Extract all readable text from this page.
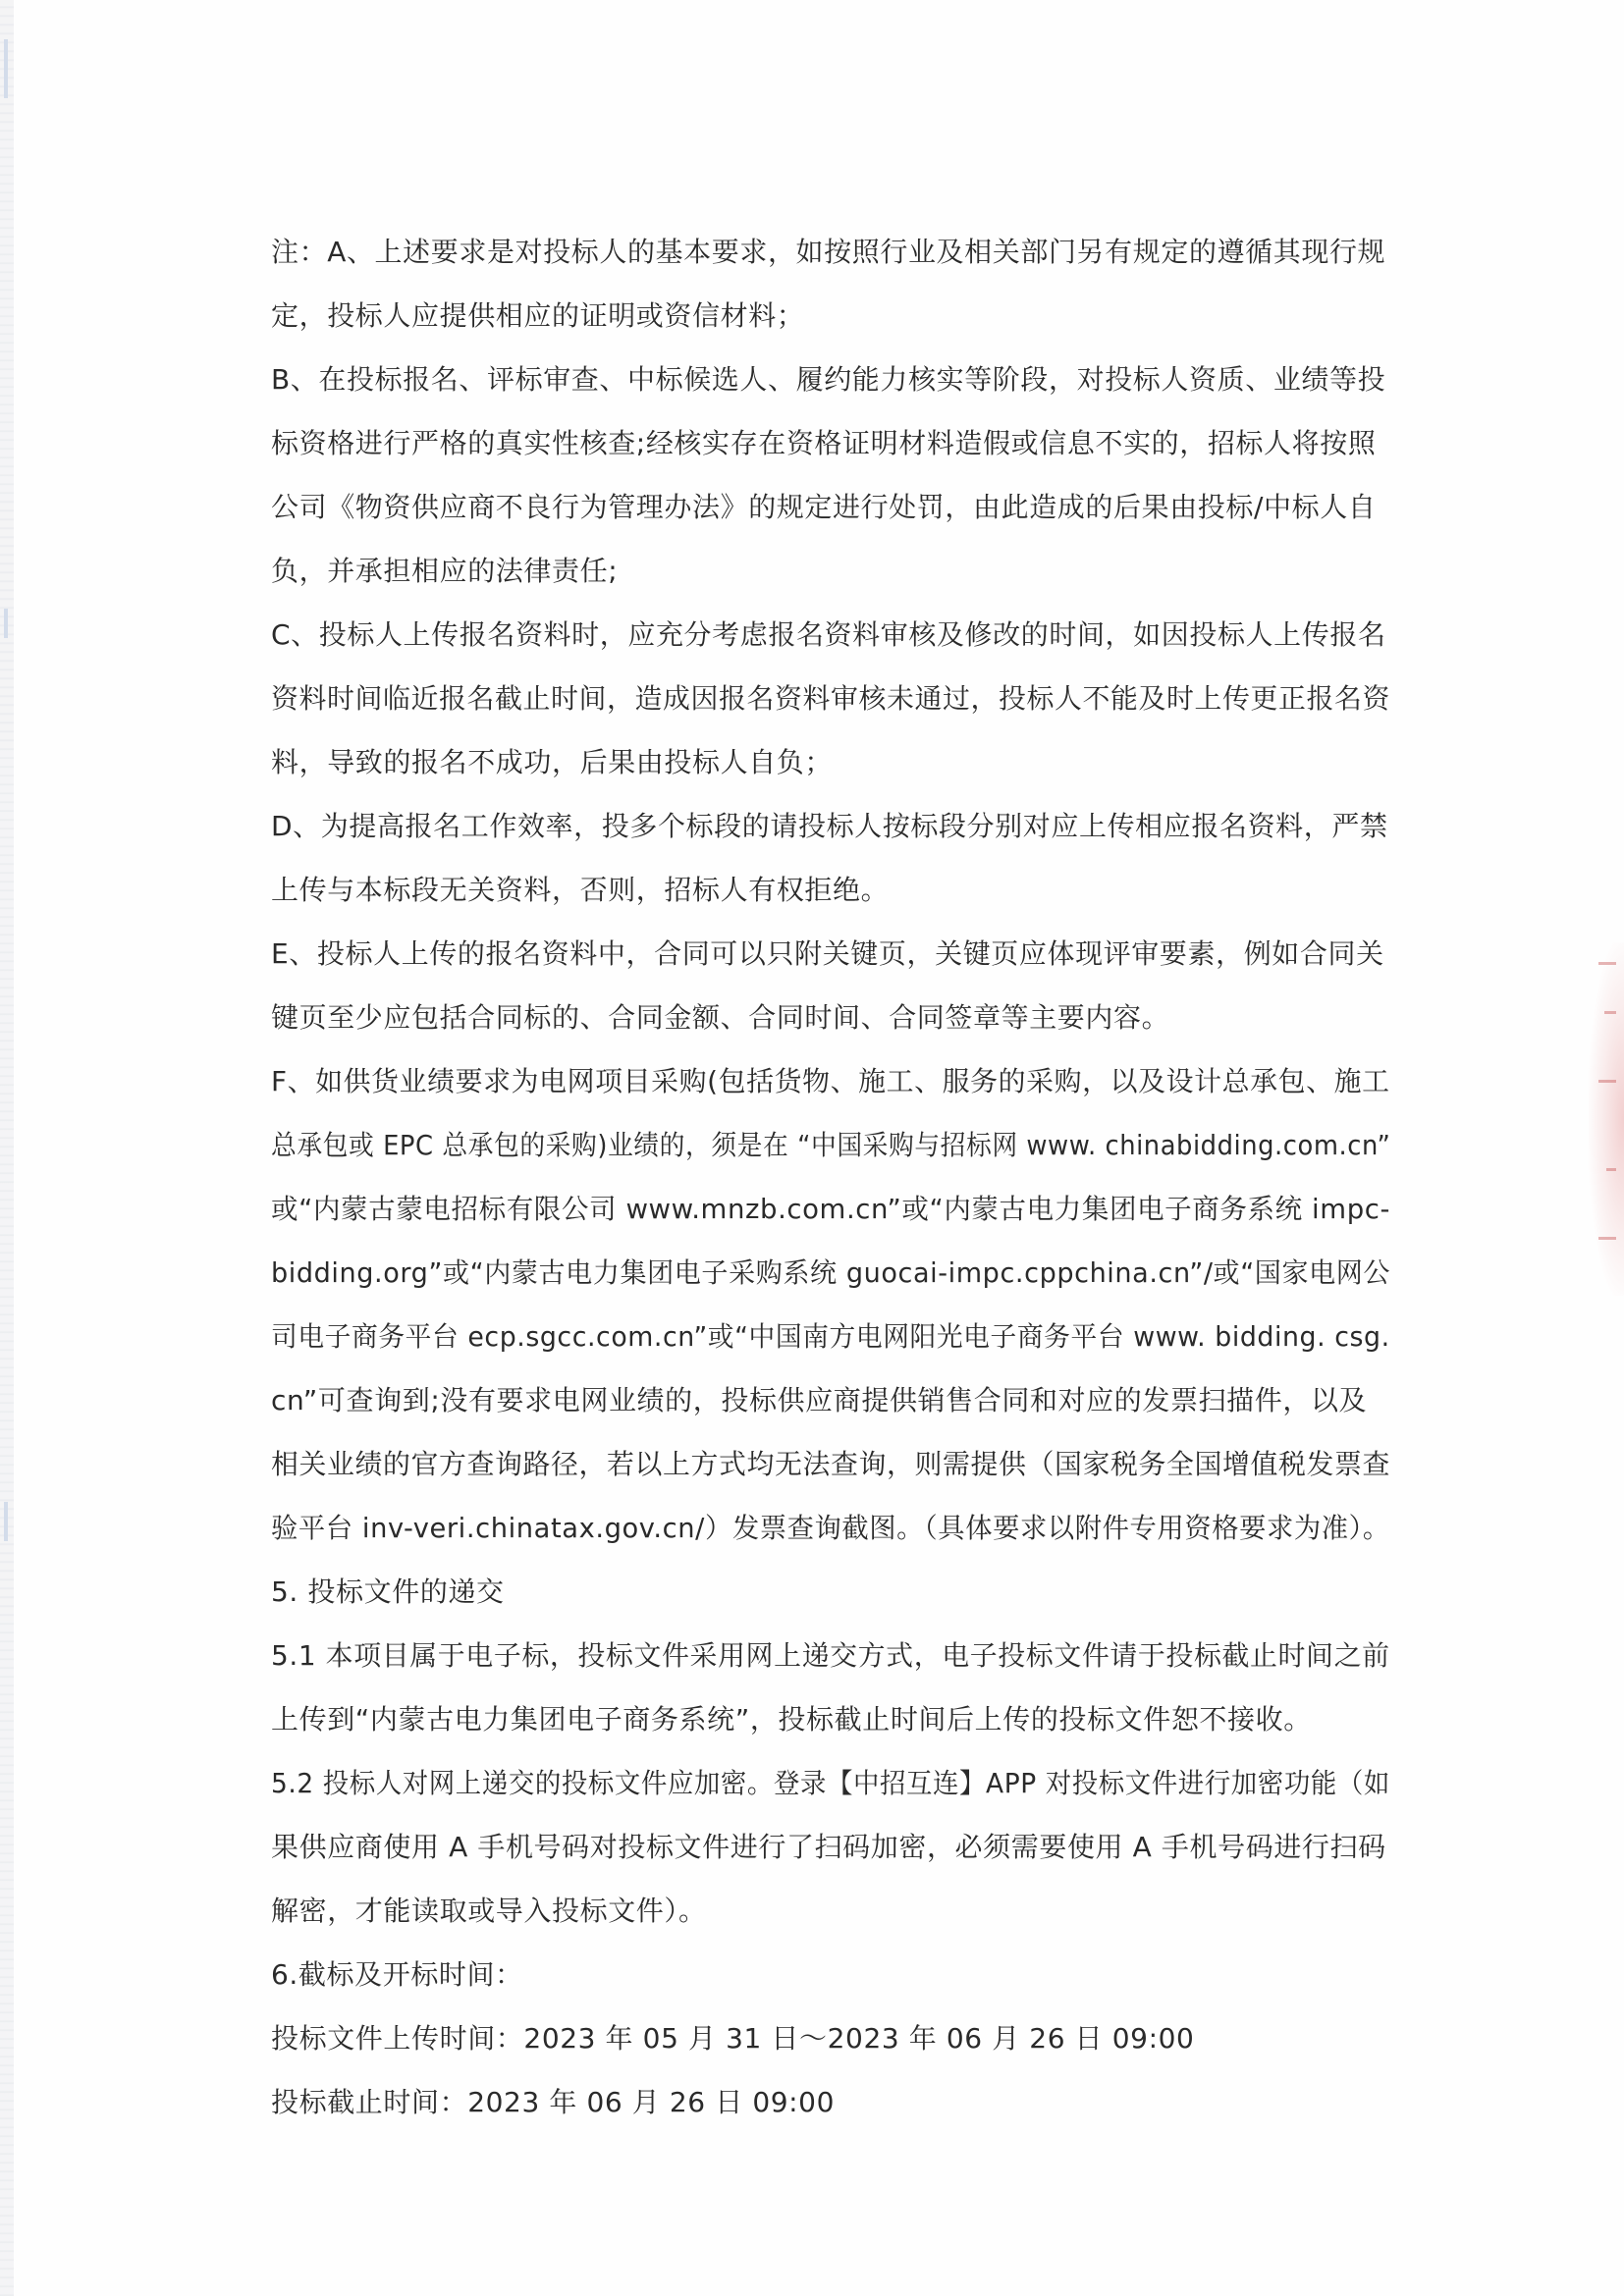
注：A、上述要求是对投标人的基本要求，如按照行业及相关部门另有规定的遵循其现行规
定，投标人应提供相应的证明或资信材料；
B、在投标报名、评标审查、中标候选人、履约能力核实等阶段，对投标人资质、业绩等投
标资格进行严格的真实性核查;经核实存在资格证明材料造假或信息不实的，招标人将按照
公司《物资供应商不良行为管理办法》的规定进行处罚，由此造成的后果由投标/中标人自
负，并承担相应的法律责任;
C、投标人上传报名资料时，应充分考虑报名资料审核及修改的时间，如因投标人上传报名
资料时间临近报名截止时间，造成因报名资料审核未通过，投标人不能及时上传更正报名资
料，导致的报名不成功，后果由投标人自负；
D、为提高报名工作效率，投多个标段的请投标人按标段分别对应上传相应报名资料，严禁
上传与本标段无关资料，否则，招标人有权拒绝。
E、投标人上传的报名资料中，合同可以只附关键页，关键页应体现评审要素，例如合同关
键页至少应包括合同标的、合同金额、合同时间、合同签章等主要内容。
F、如供货业绩要求为电网项目采购(包括货物、施工、服务的采购，以及设计总承包、施工
总承包或 EPC 总承包的采购)业绩的，须是在 “中国采购与招标网 www. chinabidding.com.cn”
或“内蒙古蒙电招标有限公司 www.mnzb.com.cn”或“内蒙古电力集团电子商务系统 impc-
bidding.org”或“内蒙古电力集团电子采购系统 guocai-impc.cppchina.cn”/或“国家电网公
司电子商务平台 ecp.sgcc.com.cn”或“中国南方电网阳光电子商务平台 www. bidding. csg.
cn”可查询到;没有要求电网业绩的，投标供应商提供销售合同和对应的发票扫描件，以及
相关业绩的官方查询路径，若以上方式均无法查询，则需提供（国家税务全国增值税发票查
验平台 inv-veri.chinatax.gov.cn/）发票查询截图。（具体要求以附件专用资格要求为准）。
5. 投标文件的递交
5.1 本项目属于电子标，投标文件采用网上递交方式，电子投标文件请于投标截止时间之前
上传到“内蒙古电力集团电子商务系统”，投标截止时间后上传的投标文件恕不接收。
5.2 投标人对网上递交的投标文件应加密。登录【中招互连】APP 对投标文件进行加密功能（如
果供应商使用 A 手机号码对投标文件进行了扫码加密，必须需要使用 A 手机号码进行扫码
解密，才能读取或导入投标文件）。
6.截标及开标时间：
投标文件上传时间：2023 年 05 月 31 日～2023 年 06 月 26 日 09:00
投标截止时间：2023 年 06 月 26 日 09:00
